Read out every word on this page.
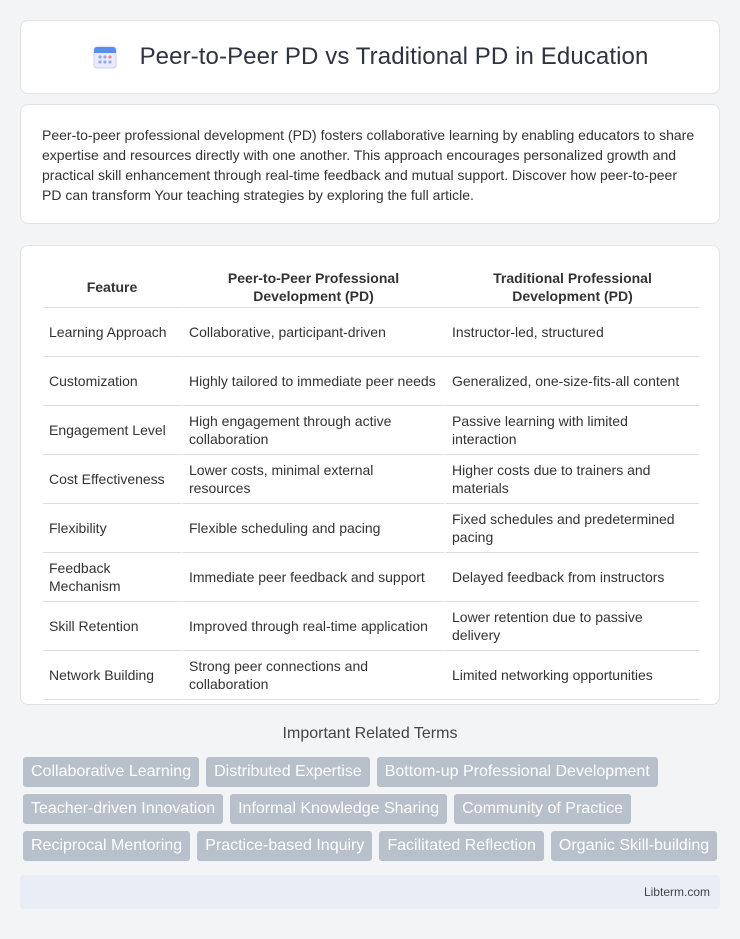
Peer-to-Peer PD vs Traditional PD in Education

Peer-to-peer professional development (PD) fosters collaborative learning by enabling educators to share expertise and resources directly with one another. This approach encourages personalized growth and practical skill enhancement through real-time feedback and mutual support. Discover how peer-to-peer PD can transform Your teaching strategies by exploring the full article.

Feature	Peer-to-Peer Professional Development (PD)	Traditional Professional Development (PD)
Learning Approach	Collaborative, participant-driven	Instructor-led, structured
Customization	Highly tailored to immediate peer needs	Generalized, one-size-fits-all content
Engagement Level	High engagement through active collaboration	Passive learning with limited interaction
Cost Effectiveness	Lower costs, minimal external resources	Higher costs due to trainers and materials
Flexibility	Flexible scheduling and pacing	Fixed schedules and predetermined pacing
Feedback Mechanism	Immediate peer feedback and support	Delayed feedback from instructors
Skill Retention	Improved through real-time application	Lower retention due to passive delivery
Network Building	Strong peer connections and collaboration	Limited networking opportunities
Important Related Terms
Collaborative Learning	Distributed Expertise	Bottom-up Professional Development
Teacher-driven Innovation	Informal Knowledge Sharing	Community of Practice
Reciprocal Mentoring	Practice-based Inquiry	Facilitated Reflection	Organic Skill-building
Libterm.com
